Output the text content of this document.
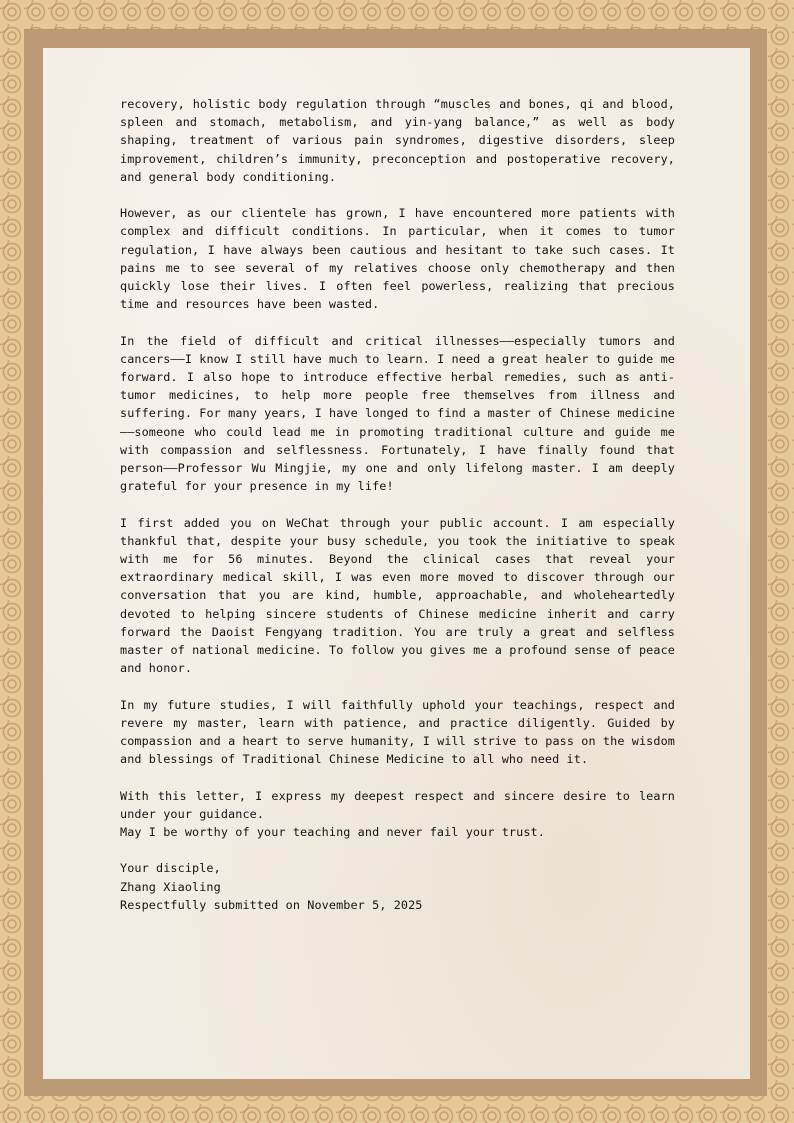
recovery, holistic body regulation through “muscles and bones, qi and blood, spleen and stomach, metabolism, and yin-yang balance,” as well as body shaping, treatment of various pain syndromes, digestive disorders, sleep improvement, children’s immunity, preconception and postoperative recovery, and general body conditioning.

However, as our clientele has grown, I have encountered more patients with complex and difficult conditions. In particular, when it comes to tumor regulation, I have always been cautious and hesitant to take such cases. It pains me to see several of my relatives choose only chemotherapy and then quickly lose their lives. I often feel powerless, realizing that precious time and resources have been wasted.

In the field of difficult and critical illnesses——especially tumors and cancers——I know I still have much to learn. I need a great healer to guide me forward. I also hope to introduce effective herbal remedies, such as anti-tumor medicines, to help more people free themselves from illness and suffering. For many years, I have longed to find a master of Chinese medicine——someone who could lead me in promoting traditional culture and guide me with compassion and selflessness. Fortunately, I have finally found that person——Professor Wu Mingjie, my one and only lifelong master. I am deeply grateful for your presence in my life!

I first added you on WeChat through your public account. I am especially thankful that, despite your busy schedule, you took the initiative to speak with me for 56 minutes. Beyond the clinical cases that reveal your extraordinary medical skill, I was even more moved to discover through our conversation that you are kind, humble, approachable, and wholeheartedly devoted to helping sincere students of Chinese medicine inherit and carry forward the Daoist Fengyang tradition. You are truly a great and selfless master of national medicine. To follow you gives me a profound sense of peace and honor.

In my future studies, I will faithfully uphold your teachings, respect and revere my master, learn with patience, and practice diligently. Guided by compassion and a heart to serve humanity, I will strive to pass on the wisdom and blessings of Traditional Chinese Medicine to all who need it.

With this letter, I express my deepest respect and sincere desire to learn under your guidance.

May I be worthy of your teaching and never fail your trust.

Your disciple,
Zhang Xiaoling
Respectfully submitted on November 5, 2025
